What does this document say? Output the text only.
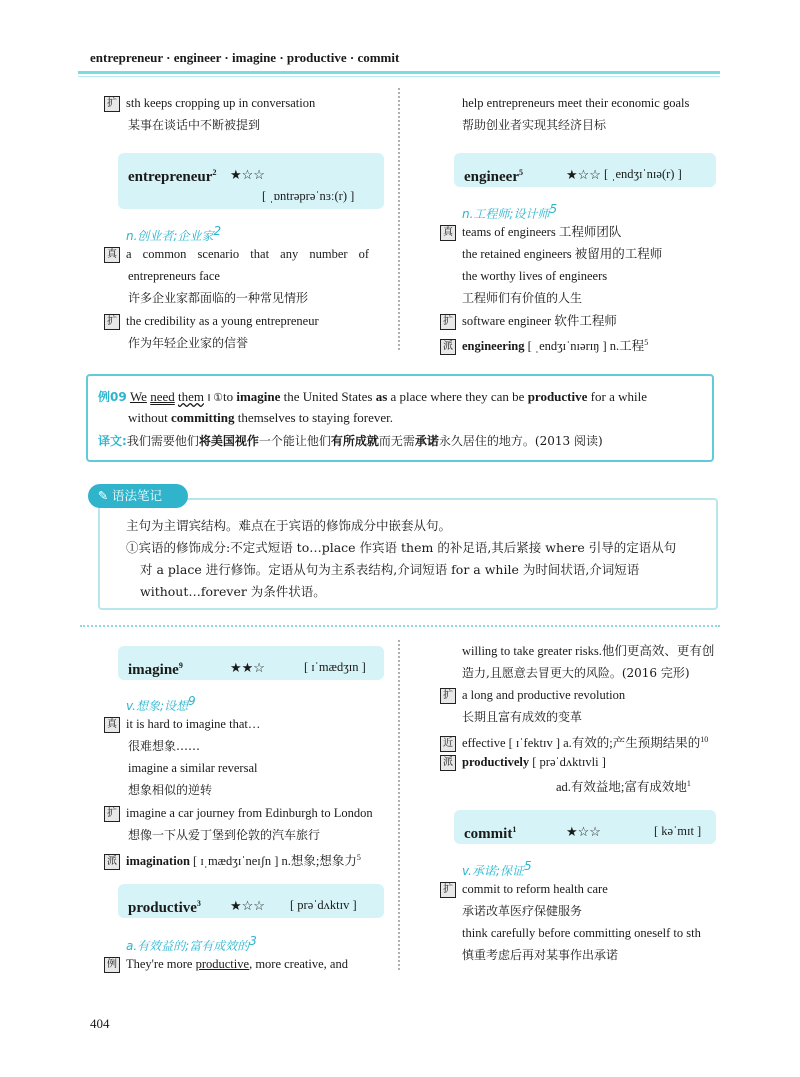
entrepreneur · engineer · imagine · productive · commit
扩 sth keeps cropping up in conversation
某事在谈话中不断被提到
entrepreneur$^2$ ★☆☆
[ ˌɒntrəprəˈnɜː(r) ]
n.创业者;企业家2
真 a common scenario that any number of
entrepreneurs face
许多企业家都面临的一种常见情形
扩 the credibility as a young entrepreneur
作为年轻企业家的信誉
help entrepreneurs meet their economic goals
帮助创业者实现其经济目标
engineer$^5$	★☆☆ [ ˌendʒɪˈnɪə(r) ]
n.工程师;设计师5
真 teams of engineers 工程师团队
the retained engineers 被留用的工程师
the worthy lives of engineers
工程师们有价值的人生
扩 software engineer 软件工程师
派 engineering [ ˌendʒɪˈnɪərɪŋ ] n.工程$^5$
例09 We need them ‖ ①to imagine the United States as a place where they can be productive for a while
without committing themselves to staying forever.
译文:我们需要他们将美国视作一个能让他们有所成就而无需承诺永久居住的地方。(2013 阅读)
主句为主谓宾结构。难点在于宾语的修饰成分中嵌套从句。
①宾语的修饰成分:不定式短语 to…place 作宾语 them 的补足语,其后紧接 where 引导的定语从句
对 a place 进行修饰。定语从句为主系表结构,介词短语 for a while 为时间状语,介词短语
without…forever 为条件状语。
✎ 语法笔记
imagine$^9$	★★☆	[ ɪˈmædʒɪn ]
v.想象;设想9
真 it is hard to imagine that…
很难想象……
imagine a similar reversal
想象相似的逆转
扩 imagine a car journey from Edinburgh to London
想像一下从爱丁堡到伦敦的汽车旅行
派 imagination [ ɪˌmædʒɪˈneɪʃn ] n.想象;想象力$^5$
productive$^3$ ★☆☆ [ prəˈdʌktɪv ]
a.有效益的;富有成效的3
例 They're more productive, more creative, and
willing to take greater risks.他们更高效、更有创
造力,且愿意去冒更大的风险。(2016 完形)
扩 a long and productive revolution
长期且富有成效的变革
近 effective [ ɪˈfektɪv ] a.有效的;产生预期结果的$^{10}$
派 productively [ prəˈdʌktɪvli ]
ad.有效益地;富有成效地$^1$
commit$^1$	★☆☆	[ kəˈmɪt ]
v.承诺;保证5
扩 commit to reform health care
承诺改革医疗保健服务
think carefully before committing oneself to sth
慎重考虑后再对某事作出承诺
404
